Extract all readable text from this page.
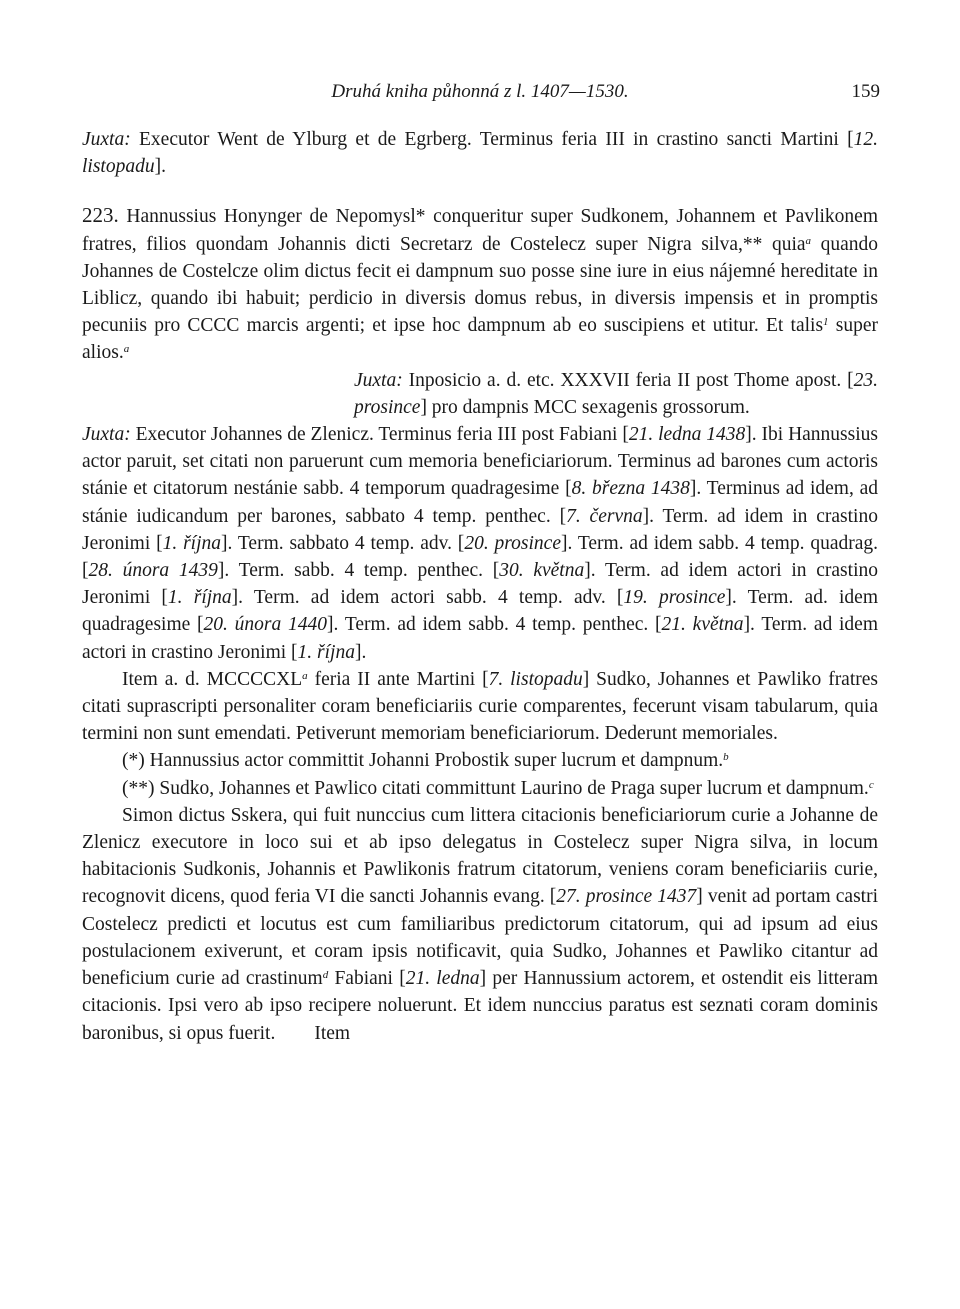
Druhá kniha půhonná z l. 1407—1530.	159

Juxta: Executor Went de Ylburg et de Egrberg. Terminus feria III in crastino sancti Martini [12. listopadu].

223. Hannussius Honynger de Nepomysl* conqueritur super Sudkonem, Johannem et Pavlikonem fratres, filios quondam Johannis dicti Secretarz de Costelecz super Nigra silva,** quia$^a$ quando Johannes de Costelcze olim dictus fecit ei dampnum suo posse sine iure in eius nájemné hereditate in Liblicz, quando ibi habuit; perdicio in diversis domus rebus, in diversis impensis et in promptis pecuniis pro CCCC marcis argenti; et ipse hoc dampnum ab eo suscipiens et utitur. Et talis$^1$ super alios.$^a$

Juxta: Inposicio a. d. etc. XXXVII feria II post Thome apost. [23. prosince] pro dampnis MCC sexagenis grossorum.

Juxta: Executor Johannes de Zlenicz. Terminus feria III post Fabiani [21. ledna 1438]. Ibi Hannussius actor paruit, set citati non paruerunt cum memoria beneficiariorum. Terminus ad barones cum actoris stánie et citatorum nestánie sabb. 4 temporum quadragesime [8. března 1438]. Terminus ad idem, ad stánie iudicandum per barones, sabbato 4 temp. penthec. [7. června]. Term. ad idem in crastino Jeronimi [1. října]. Term. sabbato 4 temp. adv. [20. prosince]. Term. ad idem sabb. 4 temp. quadrag. [28. února 1439]. Term. sabb. 4 temp. penthec. [30. května]. Term. ad idem actori in crastino Jeronimi [1. října]. Term. ad idem actori sabb. 4 temp. adv. [19. prosince]. Term. ad. idem quadragesime [20. února 1440]. Term. ad idem sabb. 4 temp. penthec. [21. května]. Term. ad idem actori in crastino Jeronimi [1. října].

Item a. d. MCCCCXL$^a$ feria II ante Martini [7. listopadu] Sudko, Johannes et Pawliko fratres citati suprascripti personaliter coram beneficiariis curie comparentes, fecerunt visam tabularum, quia termini non sunt emendati. Petiverunt memoriam beneficiariorum. Dederunt memoriales.

(*) Hannussius actor committit Johanni Probostik super lucrum et dampnum.$^b$

(**) Sudko, Johannes et Pawlico citati committunt Laurino de Praga super lucrum et dampnum.$^c$

Simon dictus Sskera, qui fuit nunccius cum littera citacionis beneficiariorum curie a Johanne de Zlenicz executore in loco sui et ab ipso delegatus in Costelecz super Nigra silva, in locum habitacionis Sudkonis, Johannis et Pawlikonis fratrum citatorum, veniens coram beneficiariis curie, recognovit dicens, quod feria VI die sancti Johannis evang. [27. prosince 1437] venit ad portam castri Costelecz predicti et locutus est cum familiaribus predictorum citatorum, qui ad ipsum ad eius postulacionem exiverunt, et coram ipsis notificavit, quia Sudko, Johannes et Pawliko citantur ad beneficium curie ad crastinum$^d$ Fabiani [21. ledna] per Hannussium actorem, et ostendit eis litteram citacionis. Ipsi vero ab ipso recipere noluerunt. Et idem nunccius paratus est seznati coram dominis baronibus, si opus fuerit.  Item
